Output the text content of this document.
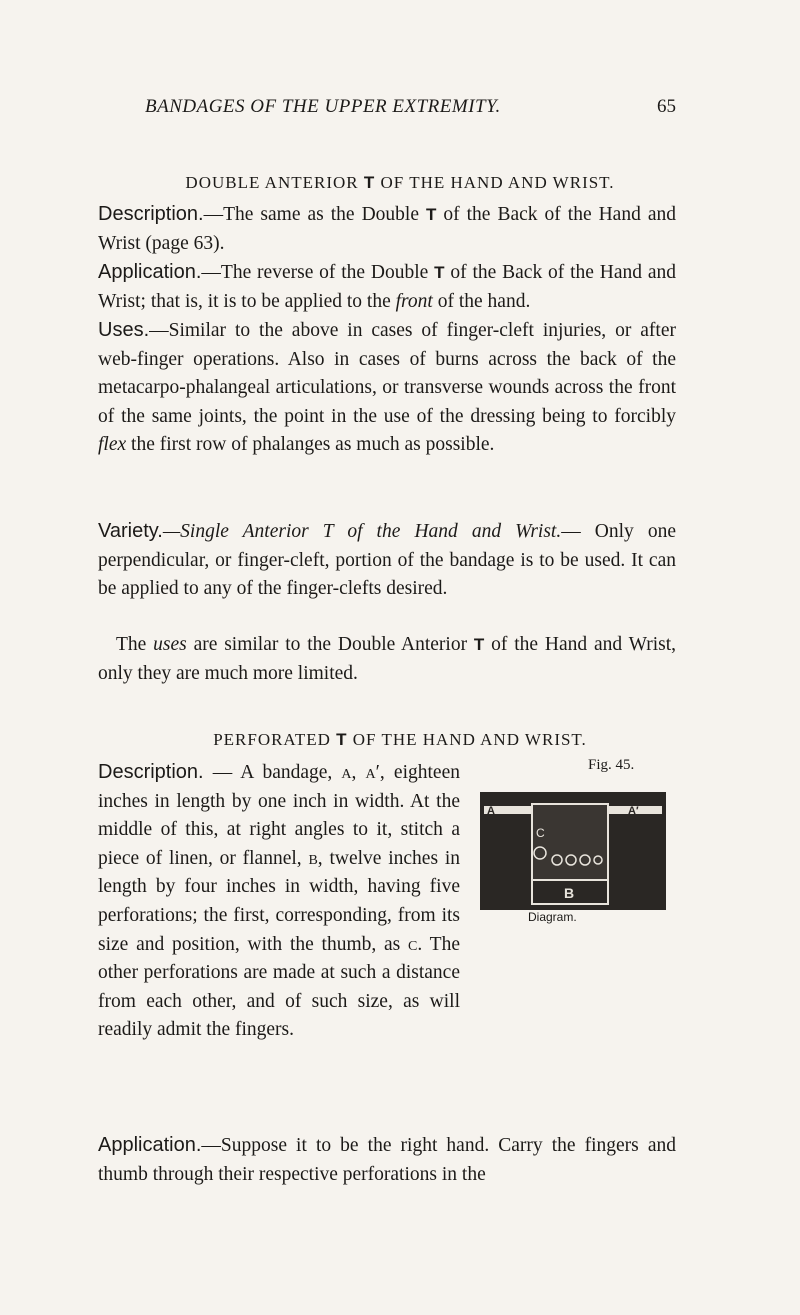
BANDAGES OF THE UPPER EXTREMITY.	65
DOUBLE ANTERIOR T OF THE HAND AND WRIST.

Description.—The same as the Double T of the Back of the Hand and Wrist (page 63).

Application.—The reverse of the Double T of the Back of the Hand and Wrist; that is, it is to be applied to the front of the hand.

Uses.—Similar to the above in cases of finger-cleft injuries, or after web-finger operations. Also in cases of burns across the back of the metacarpo-phalangeal articulations, or transverse wounds across the front of the same joints, the point in the use of the dressing being to forcibly flex the first row of phalanges as much as possible.

Variety.—Single Anterior T of the Hand and Wrist.— Only one perpendicular, or finger-cleft, portion of the bandage is to be used. It can be applied to any of the finger-clefts desired.

The uses are similar to the Double Anterior T of the Hand and Wrist, only they are much more limited.

PERFORATED T OF THE HAND AND WRIST.

Description. — A bandage, a, a′, eighteen inches in length by one inch in width. At the middle of this, at right angles to it, stitch a piece of linen, or flannel, b, twelve inches in length by four inches in width, having five perforations; the first, corresponding, from its size and position, with the thumb, as c. The other perforations are made at such a distance from each other, and of such size, as will readily admit the fingers.

Fig. 45.
A	A′
C
B
Diagram.

Application.—Suppose it to be the right hand. Carry the fingers and thumb through their respective perforations in the
